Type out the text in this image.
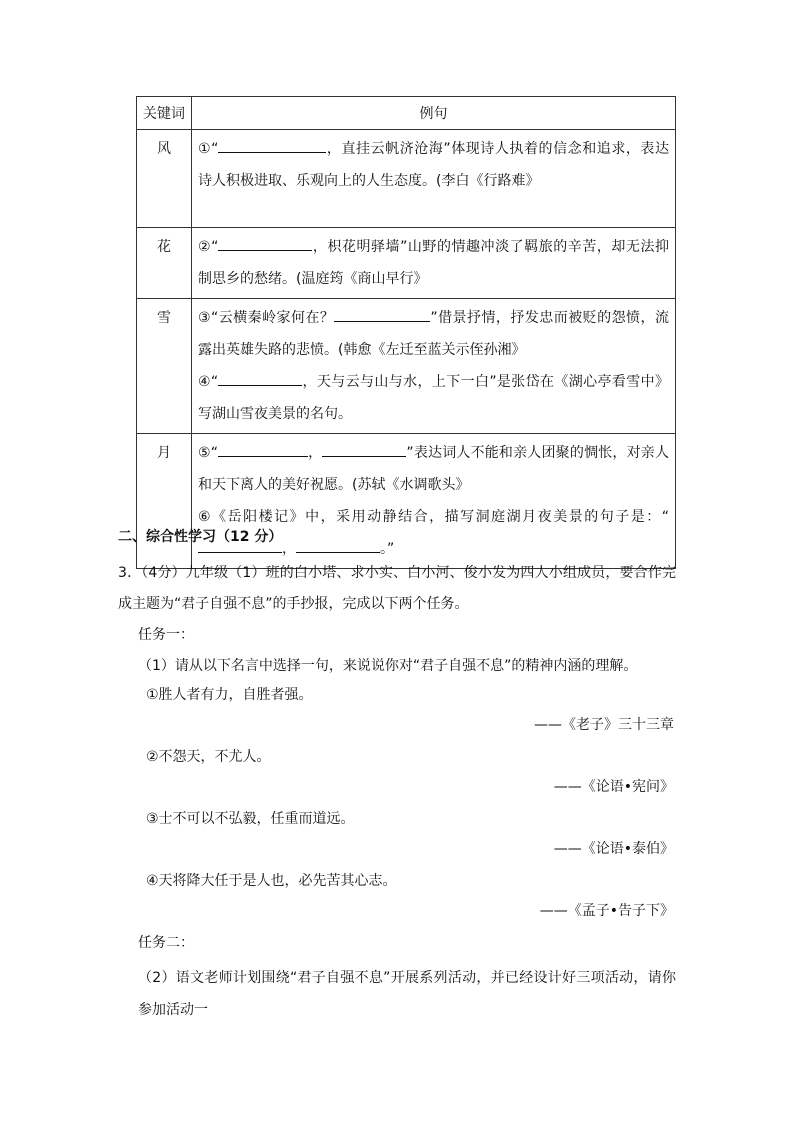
关键词	例句
风	①“ ，直挂云帆济沧海”体现诗人执着的信念和追求，表达诗人积极进取、乐观向上的人生态度。(李白《行路难》

花	②“ ，枳花明驿墙”山野的情趣冲淡了羁旅的辛苦，却无法抑制思乡的愁绪。(温庭筠《商山早行》

雪	③“云横秦岭家何在？ ”借景抒情，抒发忠而被贬的怨愤，流露出英雄失路的悲愤。(韩愈《左迁至蓝关示侄孙湘》

④“ ，天与云与山与水，上下一白”是张岱在《湖心亭看雪中》写湖山雪夜美景的名句。

月	⑤“ ， ”表达词人不能和亲人团聚的惆怅，对亲人和天下离人的美好祝愿。(苏轼《水调歌头》

⑥《岳阳楼记》中，采用动静结合，描写洞庭湖月夜美景的句子是：“， 。”

二、综合性学习（12 分）
3．（4分）九年级（1）班的白小塔、求小实、白小河、俊小发为四人小组成员，要合作完成主题为“君子自强不息”的手抄报，完成以下两个任务。
任务一：
（1）请从以下名言中选择一句，来说说你对“君子自强不息”的精神内涵的理解。
①胜人者有力，自胜者强。
——《老子》三十三章
②不怨天，不尤人。
——《论语•宪问》
③士不可以不弘毅，任重而道远。
——《论语•泰伯》
④天将降大任于是人也，必先苦其心志。
——《孟子•告子下》
任务二：
（2）语文老师计划围绕“君子自强不息”开展系列活动，并已经设计好三项活动，请你参加活动一
